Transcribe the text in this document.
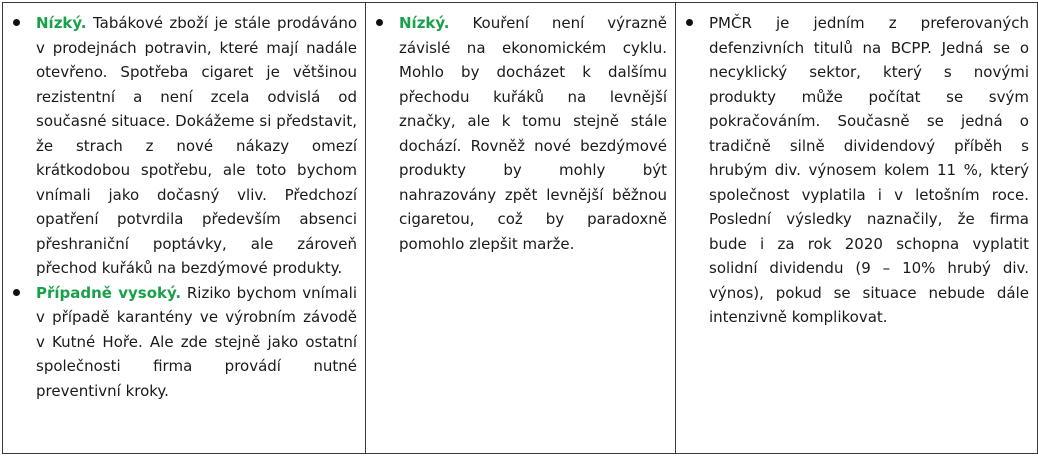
Nízký. Tabákové zboží je stále prodáváno v prodejnách potravin, které mají nadále otevřeno. Spotřeba cigaret je většinou rezistentní a není zcela odvislá od současné situace. Dokážeme si představit, že strach z nové nákazy omezí krátkodobou spotřebu, ale toto bychom vnímali jako dočasný vliv. Předchozí opatření potvrdila především absenci přeshraniční poptávky, ale zároveň přechod kuřáků na bezdýmové produkty.

Případně vysoký. Riziko bychom vnímali v případě karantény ve výrobním závodě v Kutné Hoře. Ale zde stejně jako ostatní společnosti firma provádí nutné preventivní kroky.

Nízký. Kouření není výrazně závislé na ekonomickém cyklu. Mohlo by docházet k dalšímu přechodu kuřáků na levnější značky, ale k tomu stejně stále dochází. Rovněž nové bezdýmové produkty by mohly být nahrazovány zpět levnější běžnou cigaretou, což by paradoxně pomohlo zlepšit marže.

PMČR je jedním z preferovaných defenzivních titulů na BCPP. Jedná se o necyklický sektor, který s novými produkty může počítat se svým pokračováním. Současně se jedná o tradičně silně dividendový příběh s hrubým div. výnosem kolem 11 %, který společnost vyplatila i v letošním roce. Poslední výsledky naznačily, že firma bude i za rok 2020 schopna vyplatit solidní dividendu (9 – 10% hrubý div. výnos), pokud se situace nebude dále intenzivně komplikovat.
